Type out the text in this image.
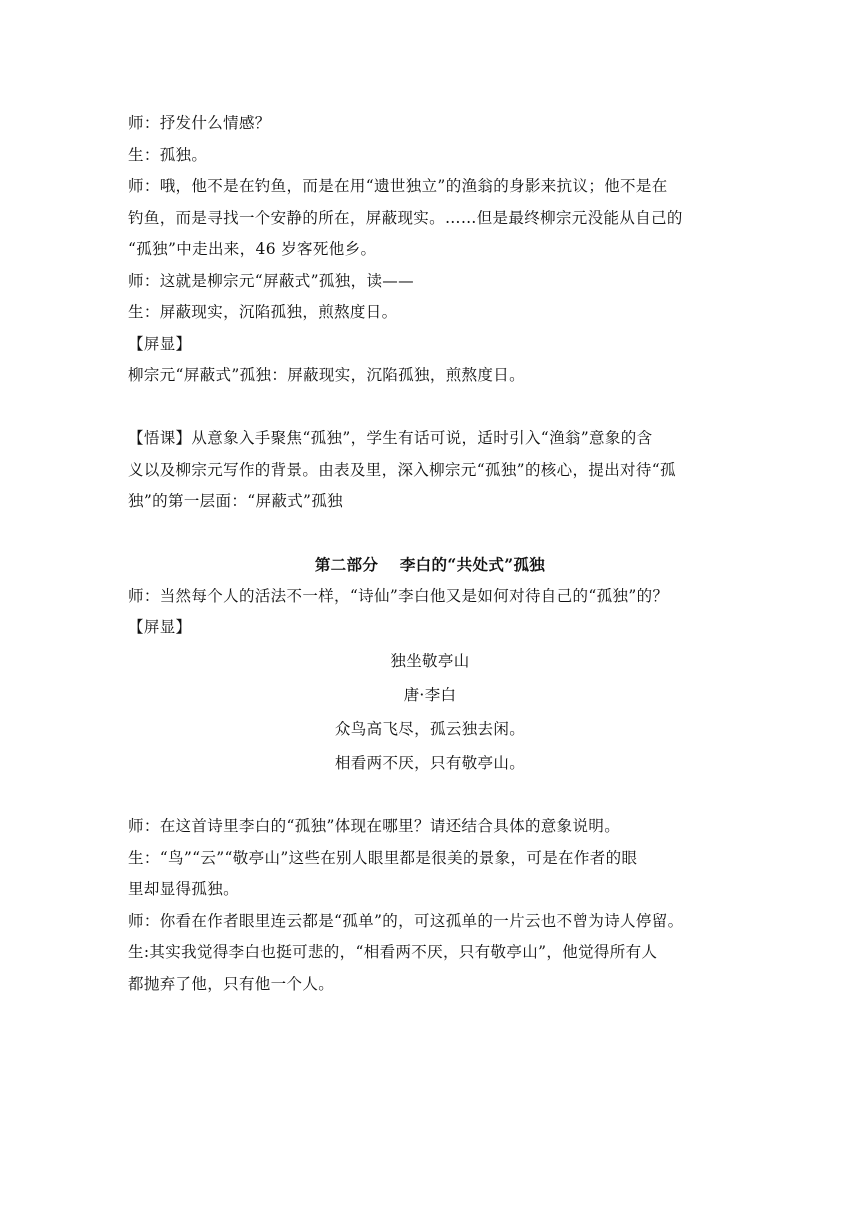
师：抒发什么情感？
生：孤独。
师：哦，他不是在钓鱼，而是在用“遗世独立”的渔翁的身影来抗议；他不是在
钓鱼，而是寻找一个安静的所在，屏蔽现实。……但是最终柳宗元没能从自己的
“孤独”中走出来，46 岁客死他乡。
师：这就是柳宗元“屏蔽式”孤独，读——
生：屏蔽现实，沉陷孤独，煎熬度日。
【屏显】
柳宗元“屏蔽式”孤独：屏蔽现实，沉陷孤独，煎熬度日。
【悟课】从意象入手聚焦“孤独”，学生有话可说，适时引入“渔翁”意象的含
义以及柳宗元写作的背景。由表及里，深入柳宗元“孤独”的核心，提出对待“孤
独”的第一层面：“屏蔽式”孤独
第二部分　 李白的“共处式”孤独
师：当然每个人的活法不一样，“诗仙”李白他又是如何对待自己的“孤独”的？
【屏显】
独坐敬亭山
唐·李白
众鸟高飞尽，孤云独去闲。
相看两不厌，只有敬亭山。
师：在这首诗里李白的“孤独”体现在哪里？请还结合具体的意象说明。
生：“鸟”“云”“敬亭山”这些在别人眼里都是很美的景象，可是在作者的眼
里却显得孤独。
师：你看在作者眼里连云都是“孤单”的，可这孤单的一片云也不曾为诗人停留。
生:其实我觉得李白也挺可悲的，“相看两不厌，只有敬亭山”，他觉得所有人
都抛弃了他，只有他一个人。
